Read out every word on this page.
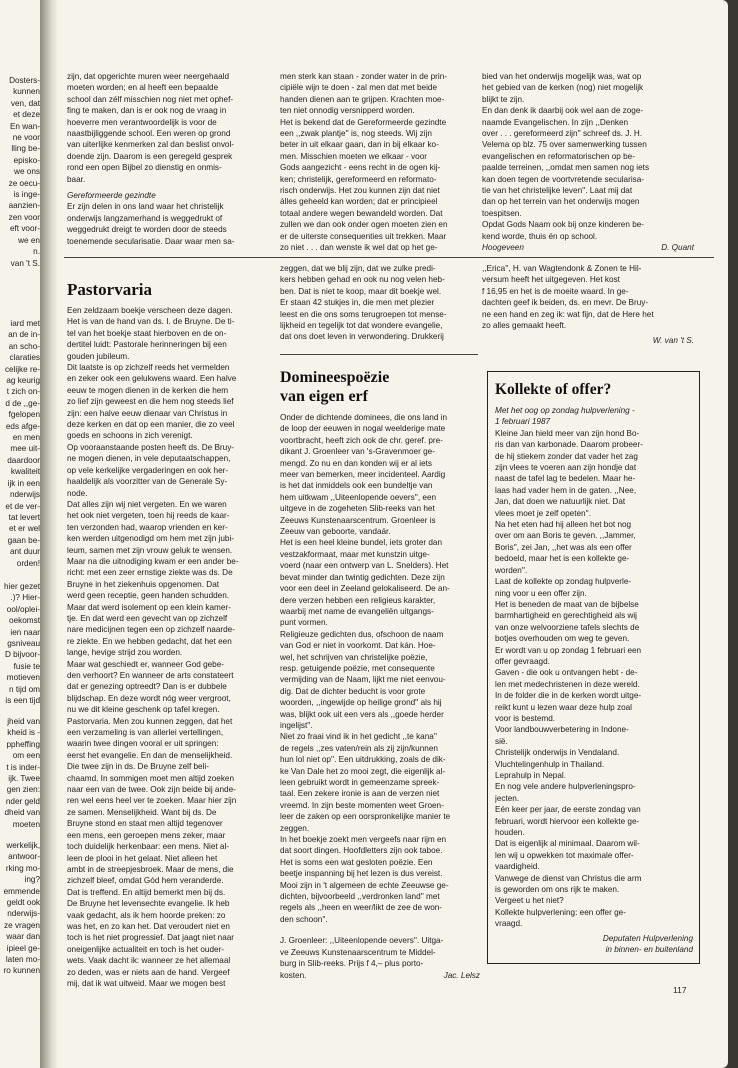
Dosters-

kunnen

ven, dat

et deze

En wan-

ne voor

lling be-

episko-

we ons

ze oecu-

is inge-

aanzien-

zen voor

eft voor-

we en

n.

van 't S.

iard met

an de in-

an scho-

claraties

celijke re-

ag keurig

t zich on-

d de ,,ge-

fgelopen

eds afge-

en men

mee uit-

daardoor

kwaliteit

ijk in een

nderwijs

et de ver-

tat levert

et er wel

gaan be-

ant duur

orden!

hier gezet

.)? Hier-

ool/oplei-

oekomst

ien naar

gsniveau

D bijvoor-

fusie te

motieven

n tijd om

is een tijd

jheid van

kheid is -

ppheffing

om een

t is inder-

ijk. Twee

gen zien:

nder geld

dheid van

moeten

werkelijk,

antwoor-

rking mo-

ing?

emmende

geldt ook

nderwijs-

ze vragen

waar dan

ipieel ge-

laten mo-

ro kunnen

zijn, dat opgerichte muren weer neergehaald

moeten worden; en al heeft een bepaalde

school dan zélf misschien nog niet met ophef-

fing te maken, dan is er ook nog de vraag in

hoeverre men verantwoordelijk is voor de

naastbijliggende school. Een weren op grond

van uiterlijke kenmerken zal dan beslist onvol-

doende zijn. Daarom is een geregeld gesprek

rond een open Bijbel zo dienstig en onmis-

baar.

Gereformeerde gezindte

Er zijn delen in ons land waar het christelijk

onderwijs langzamerhand is weggedrukt of

weggedrukt dreigt te worden door de steeds

toenemende secularisatie. Daar waar men sa-

men sterk kan staan - zonder water in de prin-

cipiële wijn te doen - zal men dat met beide

handen dienen aan te grijpen. Krachten moe-

ten niet onnodig versnipperd worden.

Het is bekend dat de Gereformeerde gezindte

een ,,zwak plantje'' is, nog steeds. Wij zijn

beter in uit elkaar gaan, dan in bij elkaar ko-

men. Misschien moeten we elkaar - voor

Gods aangezicht - eens recht in de ogen kij-

ken; christelijk, gereformeerd en reformato-

risch onderwijs. Het zou kunnen zijn dat niet

álles geheeld kan worden; dat er principieel

totaal andere wegen bewandeld worden. Dat

zullen we dan ook onder ogen moeten zien en

er de uiterste consequenties uit trekken. Maar

zo niet . . . dan wenste ik wel dat op het ge-

bied van het onderwijs mogelijk was, wat op

het gebied van de kerken (nog) niet mogelijk

blijkt te zijn.

En dan denk ik daarbij ook wel aan de zoge-

naamde Evangelischen. In zijn ,,Denken

over . . . gereformeerd zijn'' schreef ds. J. H.

Velema op blz. 75 over samenwerking tussen

evangelischen en reformatorischen op be-

paalde terreinen, ,,omdat men samen nog iets

kan doen tegen de voortvretende secularisa-

tie van het christelijke leven''. Laat mij dat

dan op het terrein van het onderwijs mogen

toespitsen.

Opdat Gods Naam ook bij onze kinderen be-

kend worde, thuis én op school.

Hoogeveen	D. Quant
Pastorvaria

Een zeldzaam boekje verscheen deze dagen.

Het is van de hand van ds. I. de Bruyne. De ti-

tel van het boekje staat hierboven en de on-

dertitel luidt: Pastorale herinneringen bij een

gouden jubileum.

Dit laatste is op zichzelf reeds het vermelden

en zeker ook een gelukwens waard. Een halve

eeuw te mogen dienen in de kerken die hem

zo lief zijn geweest en die hem nog steeds lief

zijn: een halve eeuw dienaar van Christus in

deze kerken en dat op een manier, die zo veel

goeds en schoons in zich verenigt.

Op vooraanstaande posten heeft ds. De Bruy-

ne mogen dienen, in vele deputaatschappen,

op vele kerkelijke vergaderingen en ook her-

haaldelijk als voorzitter van de Generale Sy-

node.

Dat alles zijn wij niet vergeten. En we waren

het ook niet vergeten, toen hij reeds de kaar-

ten verzonden had, waarop vrienden en ker-

ken werden uitgenodigd om hem met zijn jubi-

leum, samen met zijn vrouw geluk te wensen.

Maar na die uitnodiging kwam er een ander be-

richt: met een zeer ernstige ziekte was ds. De

Bruyne in het ziekenhuis opgenomen. Dat

werd geen receptie, geen handen schudden.

Maar dat werd isolement op een klein kamer-

tje. En dat werd een gevecht van op zichzelf

nare medicijnen tegen een op zichzelf naarde-

re ziekte. En we hebben gedacht, dat het een

lange, hevige strijd zou worden.

Maar wat geschiedt er, wanneer God gebe-

den verhoort? En wanneer de arts constateert

dat er genezing optreedt? Dan is er dubbele

blijdschap. En deze wordt nóg weer vergroot,

nu we dit kleine geschenk op tafel kregen.

Pastorvaria. Men zou kunnen zeggen, dat het

een verzameling is van allerlei vertellingen,

waarin twee dingen vooral er uit springen:

eerst het evangelie. En dan de menselijkheid.

Die twee zijn in ds. De Bruyne zelf beli-

chaamd. In sommigen moet men altijd zoeken

naar een van de twee. Ook zijn beide bij ande-

ren wel eens heel ver te zoeken. Maar hier zijn

ze samen. Menselijkheid. Want bij ds. De

Bruyne stond en staat men altijd tegenover

een mens, een geroepen mens zeker, maar

toch duidelijk herkenbaar: een mens. Niet al-

leen de plooi in het gelaat. Niet alleen het

ambt in de streepjesbroek. Maar de mens, die

zichzelf bleef, omdat Gód hem veranderde.

Dat is treffend. En altijd bemerkt men bij ds.

De Bruyne het levensechte evangelie. Ik heb

vaak gedacht, als ik hem hoorde preken: zo

was het, en zo kan het. Dat veroudert niet en

toch is het niet progressief. Dat jaagt niet naar

oneigenlijke actualiteit en toch is het ouder-

wets. Vaak dacht ik: wanneer ze het allemaal

zo deden, was er niets aan de hand. Vergeef

mij, dat ik wat uitweid. Maar we mogen best

zeggen, dat we blij zijn, dat we zulke predi-

kers hebben gehad en ook nu nog velen heb-

ben. Dat is niet te koop, maar dit boekje wel.

Er staan 42 stukjes in, die men met plezier

leest en die ons soms terugroepen tot mense-

lijkheid en tegelijk tot dat wondere evangelie,

dat ons doet leven in verwondering. Drukkerij

,,Erica'', H. van Wagtendonk & Zonen te Hil-

versum heeft het uitgegeven. Het kost

f 16,95 en het is de moeite waard. In ge-

dachten geef ik beiden, ds. en mevr. De Bruy-

ne een hand en zeg ik: wat fijn, dat de Here het

zo alles gemaakt heeft.

W. van 't S.

Domineespoëzie
van eigen erf

Onder de dichtende dominees, die ons land in

de loop der eeuwen in nogal weelderige mate

voortbracht, heeft zich ook de chr. geref. pre-

dikant J. Groenleer van 's-Gravenmoer ge-

mengd. Zo nu en dan konden wij er al iets

meer van bemerken, meer incidenteel. Aardig

is het dat inmiddels ook een bundeltje van

hem uitkwam ,,Uiteenlopende oevers'', een

uitgeve in de zogeheten Slib-reeks van het

Zeeuws Kunstenaarscentrum. Groenleer is

Zeeuw van geboorte, vandaár.

Het is een heel kleine bundel, iets groter dan

vestzakformaat, maar met kunstzin uitge-

voerd (naar een ontwerp van L. Snelders). Het

bevat minder dan twintig gedichten. Deze zijn

voor een deel in Zeeland gelokaliseerd. De an-

dere verzen hebben een religieus karakter,

waarbij met name de evangeliën uitgangs-

punt vormen.

Religieuze gedichten dus, ofschoon de naam

van God er niet in voorkomt. Dat kán. Hoe-

wel, het schrijven van christelijke poëzie,

resp. getuigende poëzie, met consequente

vermijding van de Naam, lijkt me niet eenvou-

dig. Dat de dichter beducht is voor grote

woorden, ,,ingewijde op heilige grond'' als hij

was, blijkt ook uit een vers als ,,goede herder

ingelijst''.

Niet zo fraai vind ik in het gedicht ,,te kana''

de regels ,,zes vaten/rein als zij zijn/kunnen

hun lol niet op''. Een uitdrukking, zoals de dik-

ke Van Dale het zo mooi zegt, die eigenlijk al-

leen gebruikt wordt in gemeenzame spreek-

taal. Een zekere ironie is aan de verzen niet

vreemd. In zijn beste momenten weet Groen-

leer de zaken op een oorspronkelijke manier te

zeggen.

In het boekje zoekt men vergeefs naar rijm en

dat soort dingen. Hoofdletters zijn ook taboe.

Het is soms een wat gesloten poëzie. Een

beetje inspanning bij het lezen is dus vereist.

Mooi zijn in 't algemeen de echte Zeeuwse ge-

dichten, bijvoorbeeld ,,verdronken land'' met

regels als ,,heen en weer/likt de zee de won-

den schoon''.

J. Groenleer: ,,Uiteenlopende oevers''. Uitga-

ve Zeeuws Kunstenaarscentrum te Middel-

burg in Slib-reeks. Prijs f 4,– plus porto-

kosten.	Jac. Lelsz
Kollekte of offer?

Met het oog op zondag hulpverlening -

1 februari 1987

Kleine Jan hield meer van zijn hond Bo-

ris dan van karbonade. Daarom probeer-

de hij stiekem zonder dat vader het zag

zijn vlees te voeren aan zijn hondje dat

naast de tafel lag te bedelen. Maar he-

laas had vader hem in de gaten. ,,Nee,

Jan, dat doen we natuurlijk niet. Dat

vlees moet je zelf opeten''.

Na het eten had hij alleen het bot nog

over om aan Boris te geven. ,,Jammer,

Boris'', zei Jan, ,,het was als een offer

bedoeld, maar het is een kollekte ge-

worden''.

Laat de kollekte op zondag hulpverle-

ning voor u een offer zijn.

Het is beneden de maat van de bijbelse

barmhartigheid en gerechtigheid als wij

van onze welvoorziene tafels slechts de

botjes overhouden om weg te geven.

Er wordt van u op zondag 1 februari een

offer gevraagd.

Gaven - die ook u ontvangen hebt - de-

len met medechristenen in deze wereld.

In de folder die in de kerken wordt uitge-

reikt kunt u lezen waar deze hulp zoal

voor is bestemd.

Voor landbouwverbetering in Indone-

sië.

Christelijk onderwijs in Vendaland.

Vluchtelingenhulp in Thailand.

Leprahulp in Nepal.

En nog vele andere hulpverleningspro-

jecten.

Eén keer per jaar, de eerste zondag van

februari, wordt hiervoor een kollekte ge-

houden.

Dat is eigenlijk al minimaal. Daarom wil-

len wij u opwekken tot maximale offer-

vaardigheid.

Vanwege de dienst van Christus die arm

is geworden om ons rijk te maken.

Vergeet u het niet?

Kollekte hulpverlening: een offer ge-

vraagd.

Deputaten Hulpverlening

in binnen- en buitenland

117
